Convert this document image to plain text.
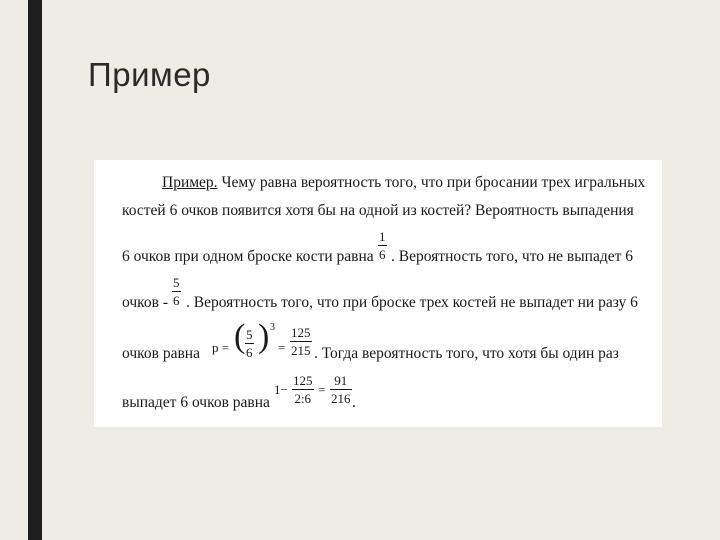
Пример
Пример. Чему равна вероятность того, что при бросании трех игральных
костей 6 очков появится хотя бы на одной из костей? Вероятность выпадения
6 очков при одном броске кости равна
1
6 . Вероятность того, что не выпадет 6
очков -
5
6 . Вероятность того, что при броске трех костей не выпадет ни разу 6
очков равна p = ( 5
6 ) 3
=
125
215 . Тогда вероятность того, что хотя бы один раз
выпадет 6 очков равна
1−
125
2:6
=
91
216 .
